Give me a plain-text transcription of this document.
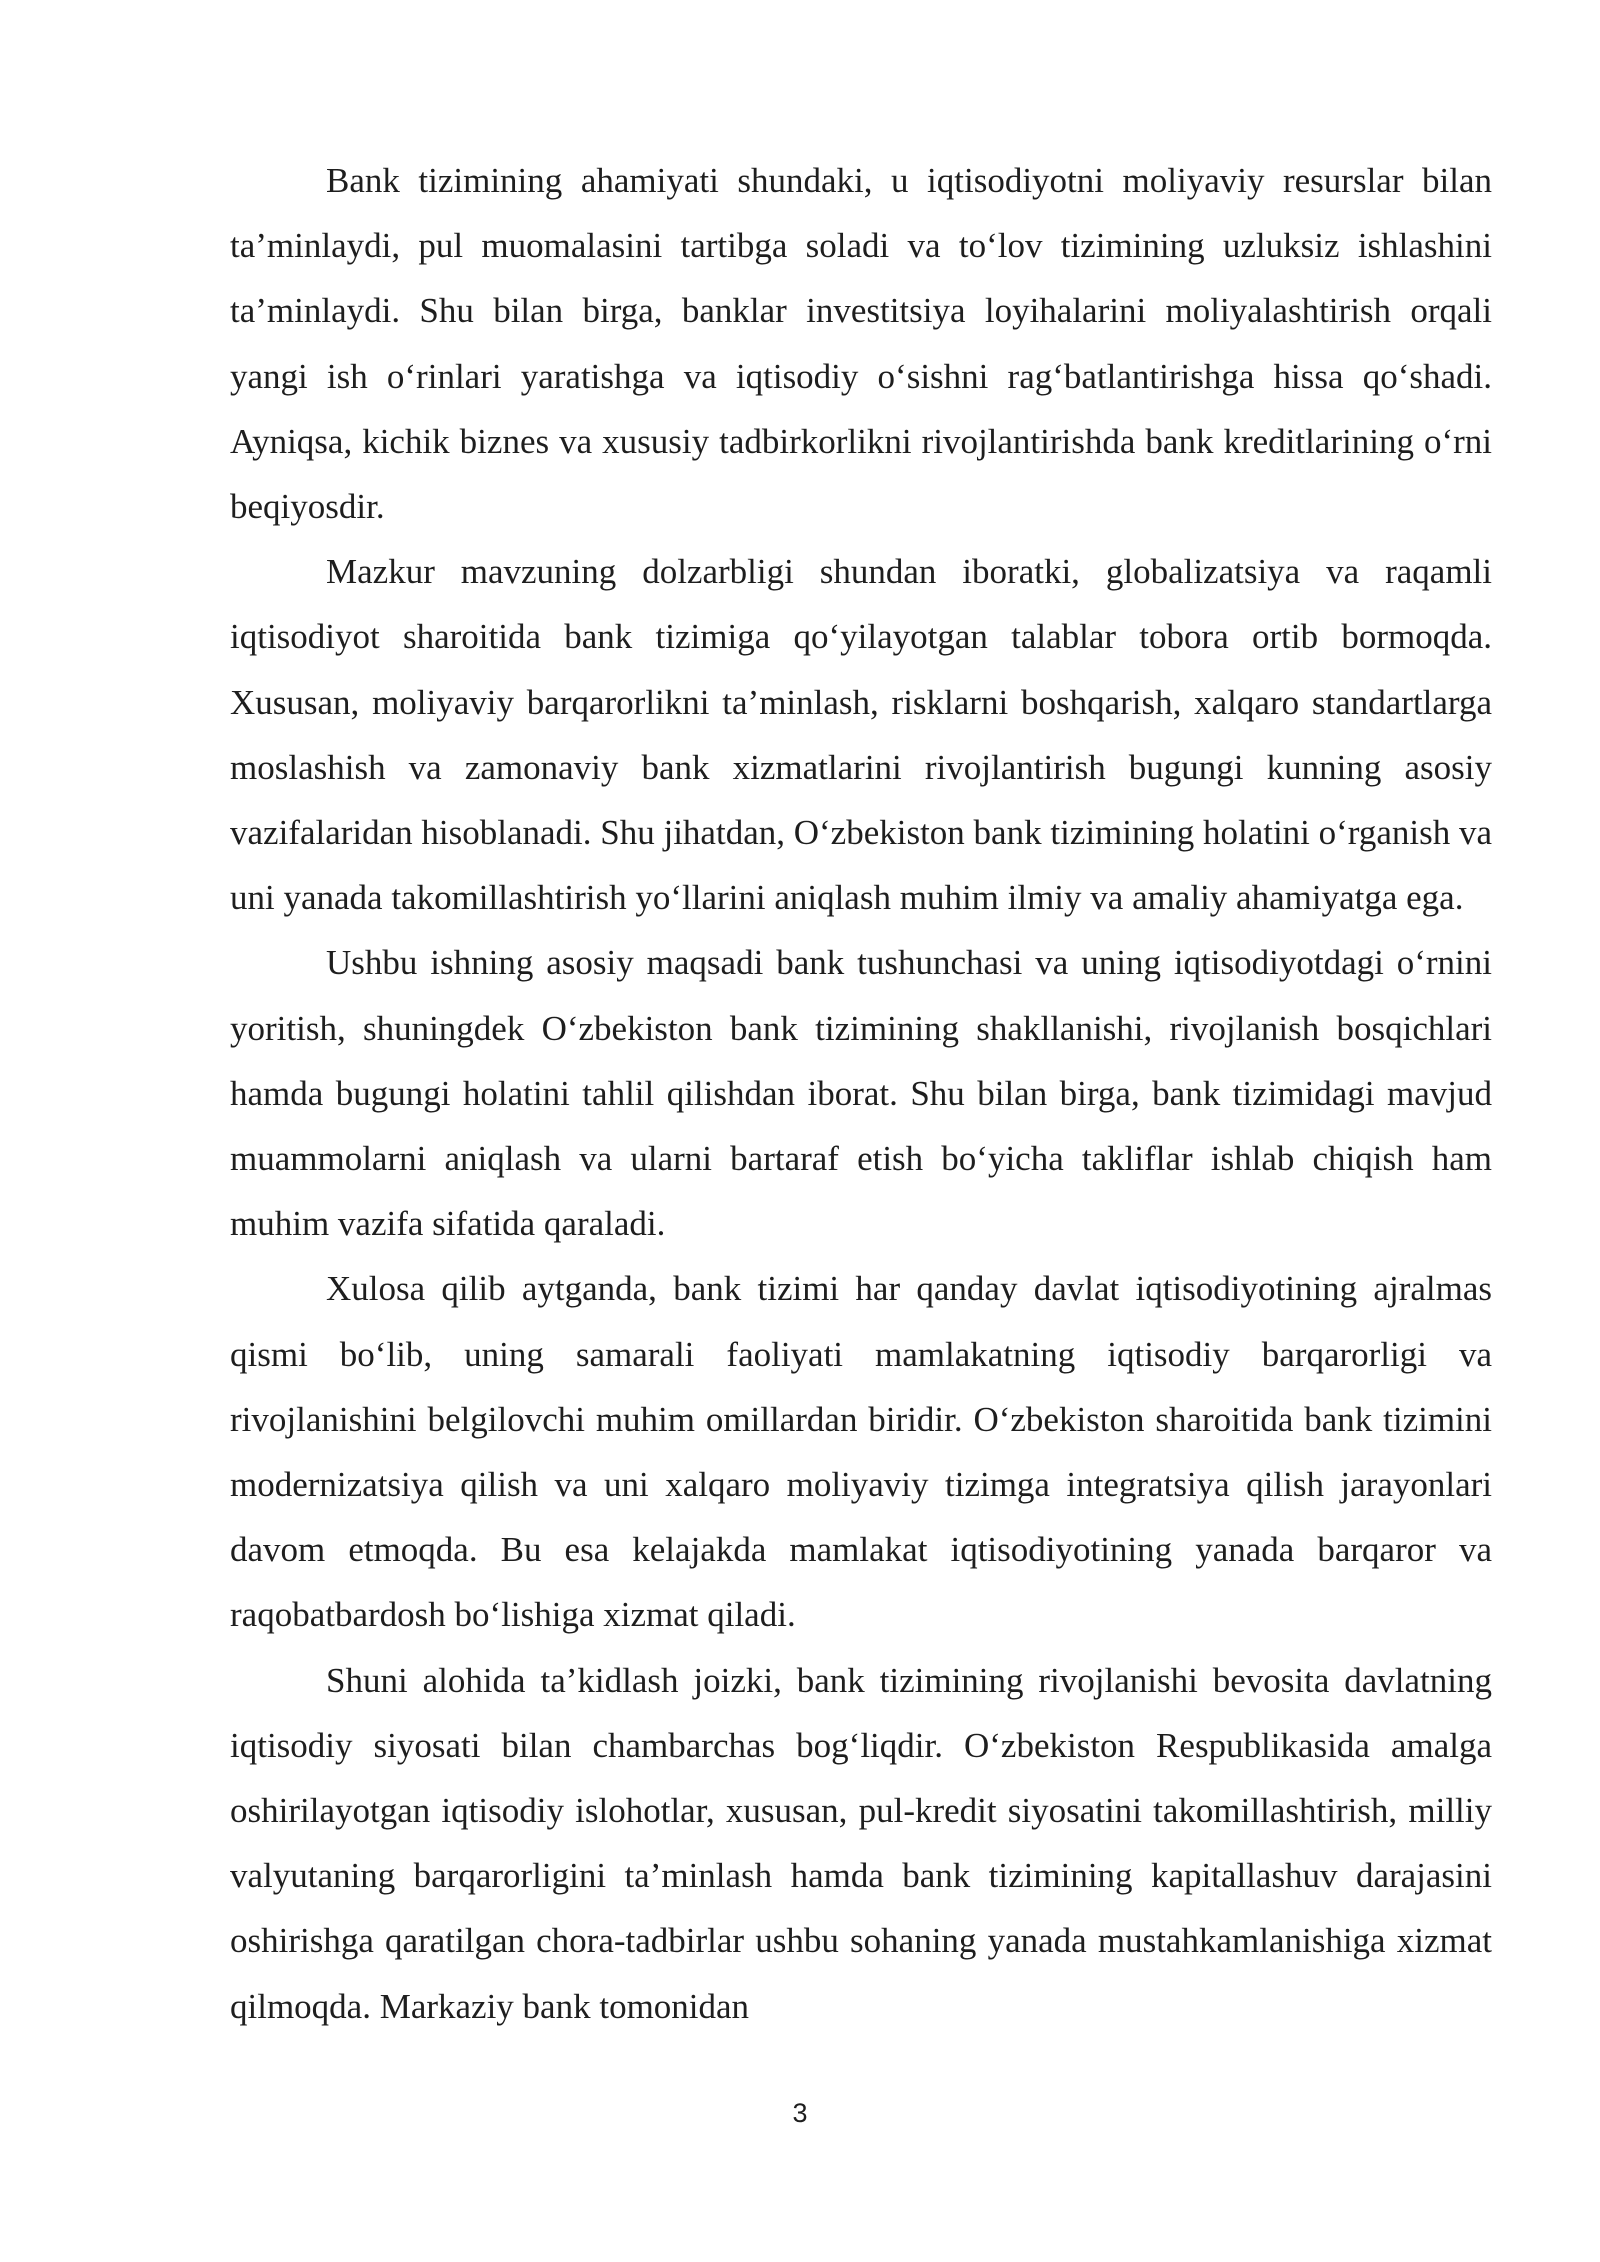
Bank tizimining ahamiyati shundaki, u iqtisodiyotni moliyaviy resurslar bilan ta’minlaydi, pul muomalasini tartibga soladi va to‘lov tizimining uzluksiz ishlashini ta’minlaydi. Shu bilan birga, banklar investitsiya loyihalarini moliyalashtirish orqali yangi ish o‘rinlari yaratishga va iqtisodiy o‘sishni rag‘batlantirishga hissa qo‘shadi. Ayniqsa, kichik biznes va xususiy tadbirkorlikni rivojlantirishda bank kreditlarining o‘rni beqiyosdir.

Mazkur mavzuning dolzarbligi shundan iboratki, globalizatsiya va raqamli iqtisodiyot sharoitida bank tizimiga qo‘yilayotgan talablar tobora ortib bormoqda. Xususan, moliyaviy barqarorlikni ta’minlash, risklarni boshqarish, xalqaro standartlarga moslashish va zamonaviy bank xizmatlarini rivojlantirish bugungi kunning asosiy vazifalaridan hisoblanadi. Shu jihatdan, O‘zbekiston bank tizimining holatini o‘rganish va uni yanada takomillashtirish yo‘llarini aniqlash muhim ilmiy va amaliy ahamiyatga ega.

Ushbu ishning asosiy maqsadi bank tushunchasi va uning iqtisodiyotdagi o‘rnini yoritish, shuningdek O‘zbekiston bank tizimining shakllanishi, rivojlanish bosqichlari hamda bugungi holatini tahlil qilishdan iborat. Shu bilan birga, bank tizimidagi mavjud muammolarni aniqlash va ularni bartaraf etish bo‘yicha takliflar ishlab chiqish ham muhim vazifa sifatida qaraladi.

Xulosa qilib aytganda, bank tizimi har qanday davlat iqtisodiyotining ajralmas qismi bo‘lib, uning samarali faoliyati mamlakatning iqtisodiy barqarorligi va rivojlanishini belgilovchi muhim omillardan biridir. O‘zbekiston sharoitida bank tizimini modernizatsiya qilish va uni xalqaro moliyaviy tizimga integratsiya qilish jarayonlari davom etmoqda. Bu esa kelajakda mamlakat iqtisodiyotining yanada barqaror va raqobatbardosh bo‘lishiga xizmat qiladi.

Shuni alohida ta’kidlash joizki, bank tizimining rivojlanishi bevosita davlatning iqtisodiy siyosati bilan chambarchas bog‘liqdir. O‘zbekiston Respublikasida amalga oshirilayotgan iqtisodiy islohotlar, xususan, pul-kredit siyosatini takomillashtirish, milliy valyutaning barqarorligini ta’minlash hamda bank tizimining kapitallashuv darajasini oshirishga qaratilgan chora-tadbirlar ushbu sohaning yanada mustahkamlanishiga xizmat qilmoqda. Markaziy bank tomonidan

3
